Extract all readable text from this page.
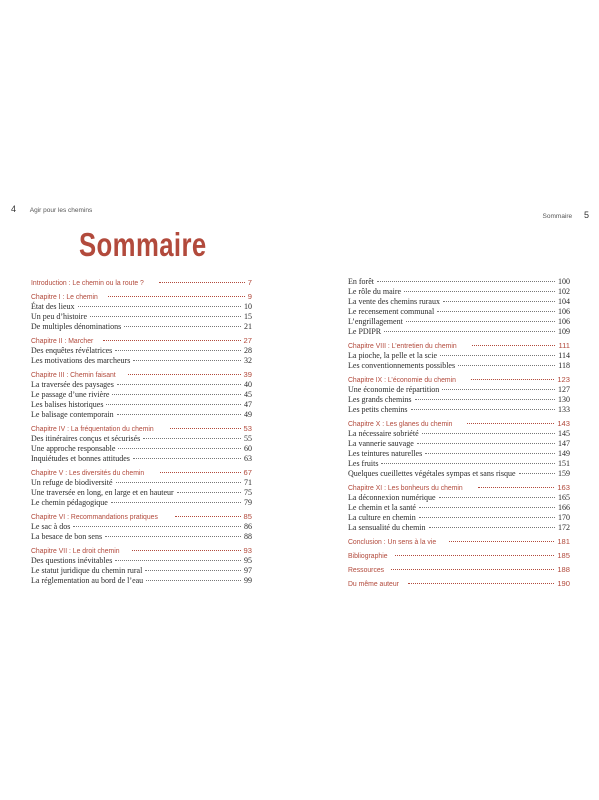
4 Agir pour les chemins
Sommaire 5
Sommaire
Introduction : Le chemin ou la route ?	7
Chapitre I : Le chemin	9
État des lieux	10
Un peu d’histoire	15
De multiples dénominations	21
Chapitre II : Marcher	27
Des enquêtes révélatrices	28
Les motivations des marcheurs	32
Chapitre III : Chemin faisant	39
La traversée des paysages	40
Le passage d’une rivière	45
Les balises historiques	47
Le balisage contemporain	49
Chapitre IV : La fréquentation du chemin	53
Des itinéraires conçus et sécurisés	55
Une approche responsable	60
Inquiétudes et bonnes attitudes	63
Chapitre V : Les diversités du chemin	67
Un refuge de biodiversité	71
Une traversée en long, en large et en hauteur	75
Le chemin pédagogique	79
Chapitre VI : Recommandations pratiques	85
Le sac à dos	86
La besace de bon sens	88
Chapitre VII : Le droit chemin	93
Des questions inévitables	95
Le statut juridique du chemin rural	97
La réglementation au bord de l’eau	99
En forêt	100
Le rôle du maire	102
La vente des chemins ruraux	104
Le recensement communal	106
L’engrillagement	106
Le PDIPR	109
Chapitre VIII : L’entretien du chemin	111
La pioche, la pelle et la scie	114
Les conventionnements possibles	118
Chapitre IX : L’économie du chemin	123
Une économie de répartition	127
Les grands chemins	130
Les petits chemins	133
Chapitre X : Les glanes du chemin	143
La nécessaire sobriété	145
La vannerie sauvage	147
Les teintures naturelles	149
Les fruits	151
Quelques cueillettes végétales sympas et sans risque	159
Chapitre XI : Les bonheurs du chemin	163
La déconnexion numérique	165
Le chemin et la santé	166
La culture en chemin	170
La sensualité du chemin	172
Conclusion : Un sens à la vie	181
Bibliographie	185
Ressources	188
Du même auteur	190
